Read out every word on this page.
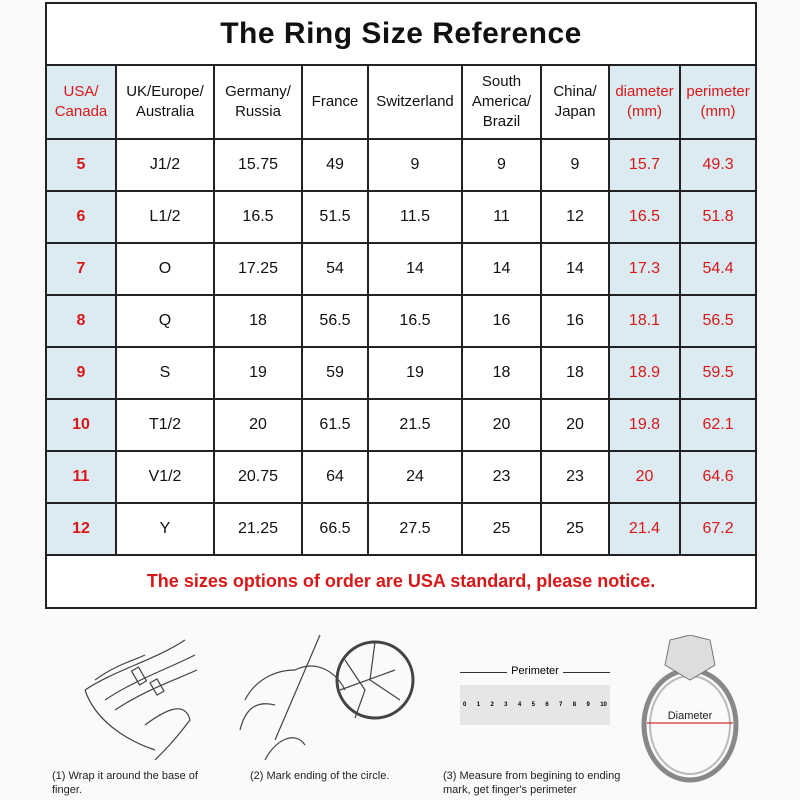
The Ring Size Reference								
USA/ Canada	UK/Europe/ Australia	Germany/ Russia	France	Switzerland	South America/ Brazil	China/ Japan	diameter (mm)	perimeter (mm)
5	J1/2	15.75	49	9	9	9	15.7	49.3
6	L1/2	16.5	51.5	11.5	11	12	16.5	51.8
7	O	17.25	54	14	14	14	17.3	54.4
8	Q	18	56.5	16.5	16	16	18.1	56.5
9	S	19	59	19	18	18	18.9	59.5
10	T1/2	20	61.5	21.5	20	20	19.8	62.1
11	V1/2	20.75	64	24	23	23	20	64.6
12	Y	21.25	66.5	27.5	25	25	21.4	67.2
The sizes options of order are USA standard, please notice.								
Perimeter
0 1 2 3 4 5 6 7 8 9 10
Diameter
(1) Wrap it around the base of finger.
(2) Mark ending of the circle.	(3) Measure from begining to ending mark, get finger's perimeter
